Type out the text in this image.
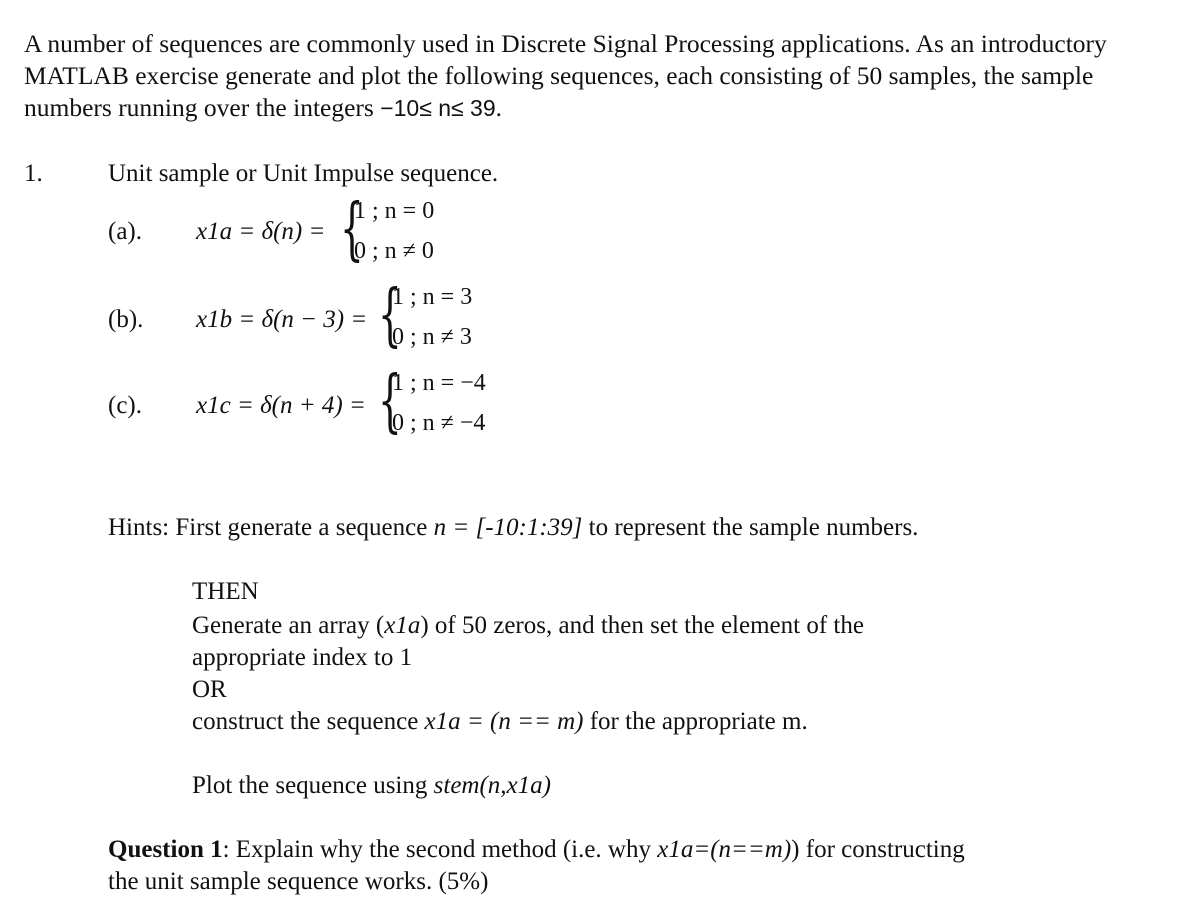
A number of sequences are commonly used in Discrete Signal Processing applications. As an introductory MATLAB exercise generate and plot the following sequences, each consisting of 50 samples, the sample numbers running over the integers −10≤ n≤ 39.
1.	Unit sample or Unit Impulse sequence.
(a). x1a = δ(n) = {
1 ; n = 0
0 ; n ≠ 0
(b). x1b = δ(n − 3) = {
1 ; n = 3
0 ; n ≠ 3
(c). x1c = δ(n + 4) = {
1 ; n = −4
0 ; n ≠ −4
Hints: First generate a sequence n = [-10:1:39] to represent the sample numbers.
THEN
Generate an array (x1a) of 50 zeros, and then set the element of the
appropriate index to 1
OR
construct the sequence x1a = (n == m) for the appropriate m.
Plot the sequence using stem(n,x1a)
Question 1: Explain why the second method (i.e. why x1a=(n==m)) for constructing
the unit sample sequence works. (5%)
